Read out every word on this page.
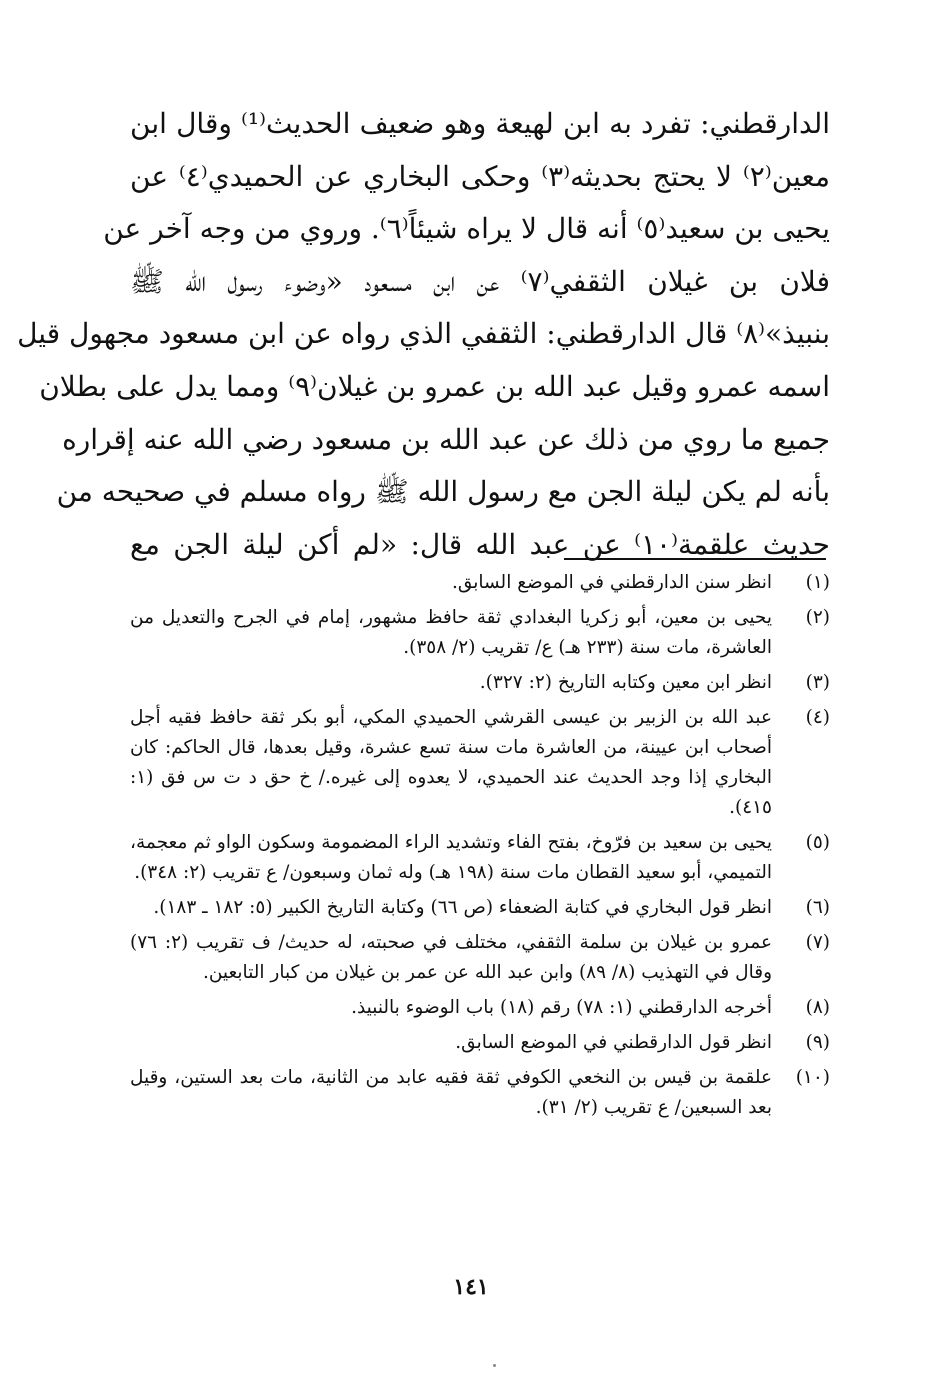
الدارقطني: تفرد به ابن لهيعة وهو ضعيف الحديث⁽¹⁾ وقال ابن
معين⁽٢⁾ لا يحتج بحديثه⁽٣⁾ وحكى البخاري عن الحميدي⁽٤⁾ عن
يحيى بن سعيد⁽٥⁾ أنه قال لا يراه شيئاً⁽٦⁾. وروي من وجه آخر عن
فلان بن غيلان الثقفي⁽٧⁾ عن ابن مسعود «وضوء رسول الله ﷺ
بنبيذ»⁽٨⁾ قال الدارقطني: الثقفي الذي رواه عن ابن مسعود مجهول قيل
اسمه عمرو وقيل عبد الله بن عمرو بن غيلان⁽٩⁾ ومما يدل على بطلان
جميع ما روي من ذلك عن عبد الله بن مسعود رضي الله عنه إقراره
بأنه لم يكن ليلة الجن مع رسول الله ﷺ رواه مسلم في صحيحه من
حديث علقمة⁽١٠⁾ عن عبد الله قال: «لم أكن ليلة الجن مع
(١)
انظر سنن الدارقطني في الموضع السابق.
(٢)
يحيى بن معين، أبو زكريا البغدادي ثقة حافظ مشهور، إمام في الجرح والتعديل من العاشرة، مات سنة (٢٣٣ هـ) ع/ تقريب (٢/ ٣٥٨).
(٣)
انظر ابن معين وكتابه التاريخ (٢: ٣٢٧).
(٤)
عبد الله بن الزبير بن عيسى القرشي الحميدي المكي، أبو بكر ثقة حافظ فقيه أجل أصحاب ابن عيينة، من العاشرة مات سنة تسع عشرة، وقيل بعدها، قال الحاكم: كان البخاري إذا وجد الحديث عند الحميدي، لا يعدوه إلى غيره./ خ حق د ت س فق (١: ٤١٥).
(٥)
يحيى بن سعيد بن فرّوخ، بفتح الفاء وتشديد الراء المضمومة وسكون الواو ثم معجمة، التميمي، أبو سعيد القطان مات سنة (١٩٨ هـ) وله ثمان وسبعون/ ع تقريب (٢: ٣٤٨).
(٦)
انظر قول البخاري في كتابة الضعفاء (ص ٦٦) وكتابة التاريخ الكبير (٥: ١٨٢ ـ ١٨٣).
(٧)
عمرو بن غيلان بن سلمة الثقفي، مختلف في صحبته، له حديث/ ف تقريب (٢: ٧٦) وقال في التهذيب (٨/ ٨٩) وابن عبد الله عن عمر بن غيلان من كبار التابعين.
(٨)
أخرجه الدارقطني (١: ٧٨) رقم (١٨) باب الوضوء بالنبيذ.
(٩)
انظر قول الدارقطني في الموضع السابق.
(١٠)
علقمة بن قيس بن النخعي الكوفي ثقة فقيه عابد من الثانية، مات بعد الستين، وقيل بعد السبعين/ ع تقريب (٢/ ٣١).
١٤١
